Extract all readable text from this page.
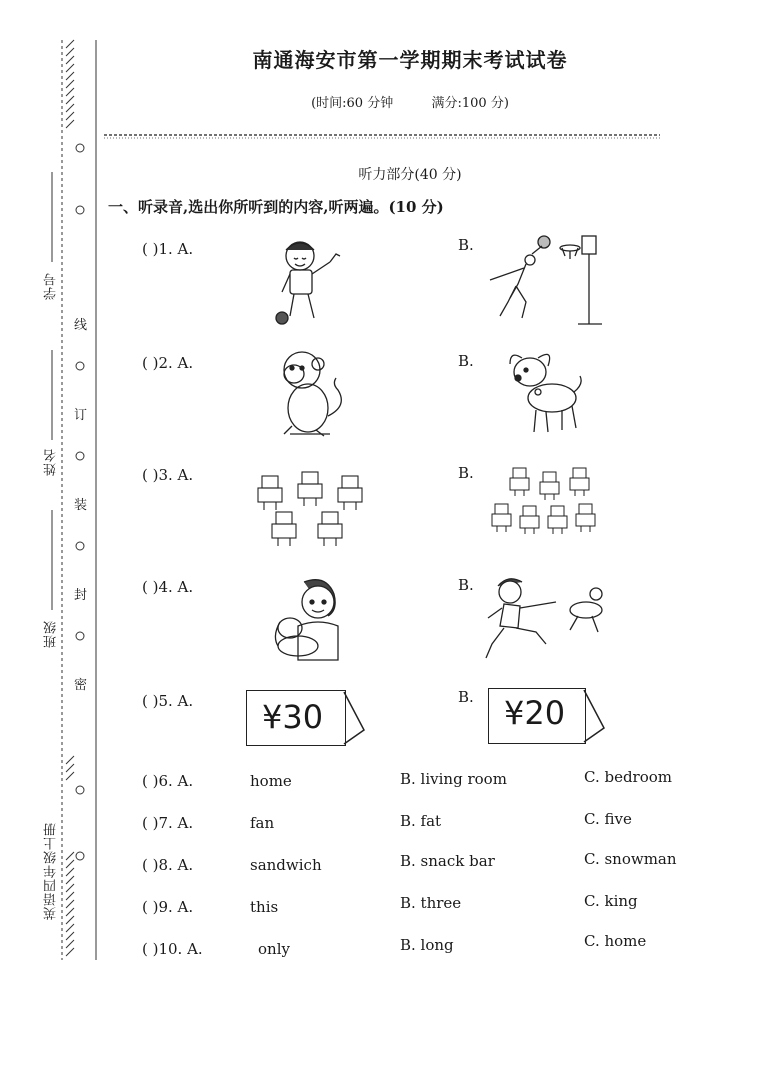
学号
姓名
班级
英语四年级上册
线
订
装
封
密
南通海安市第一学期期末考试试卷
(时间:60 分钟	满分:100 分)
听力部分(40 分)
一、听录音,选出你所听到的内容,听两遍。(10 分)
( )1. A.	B.
( )2. A.	B.
( )3. A.	B.
( )4. A.	B.
( )5. A.	B.
¥30	¥20
( )6. A.	home	B. living room	C. bedroom
( )7. A.	fan	B. fat	C. five
( )8. A.	sandwich	B. snack bar	C. snowman
( )9. A.	this	B. three	C. king
( )10. A.	only	B. long	C. home
